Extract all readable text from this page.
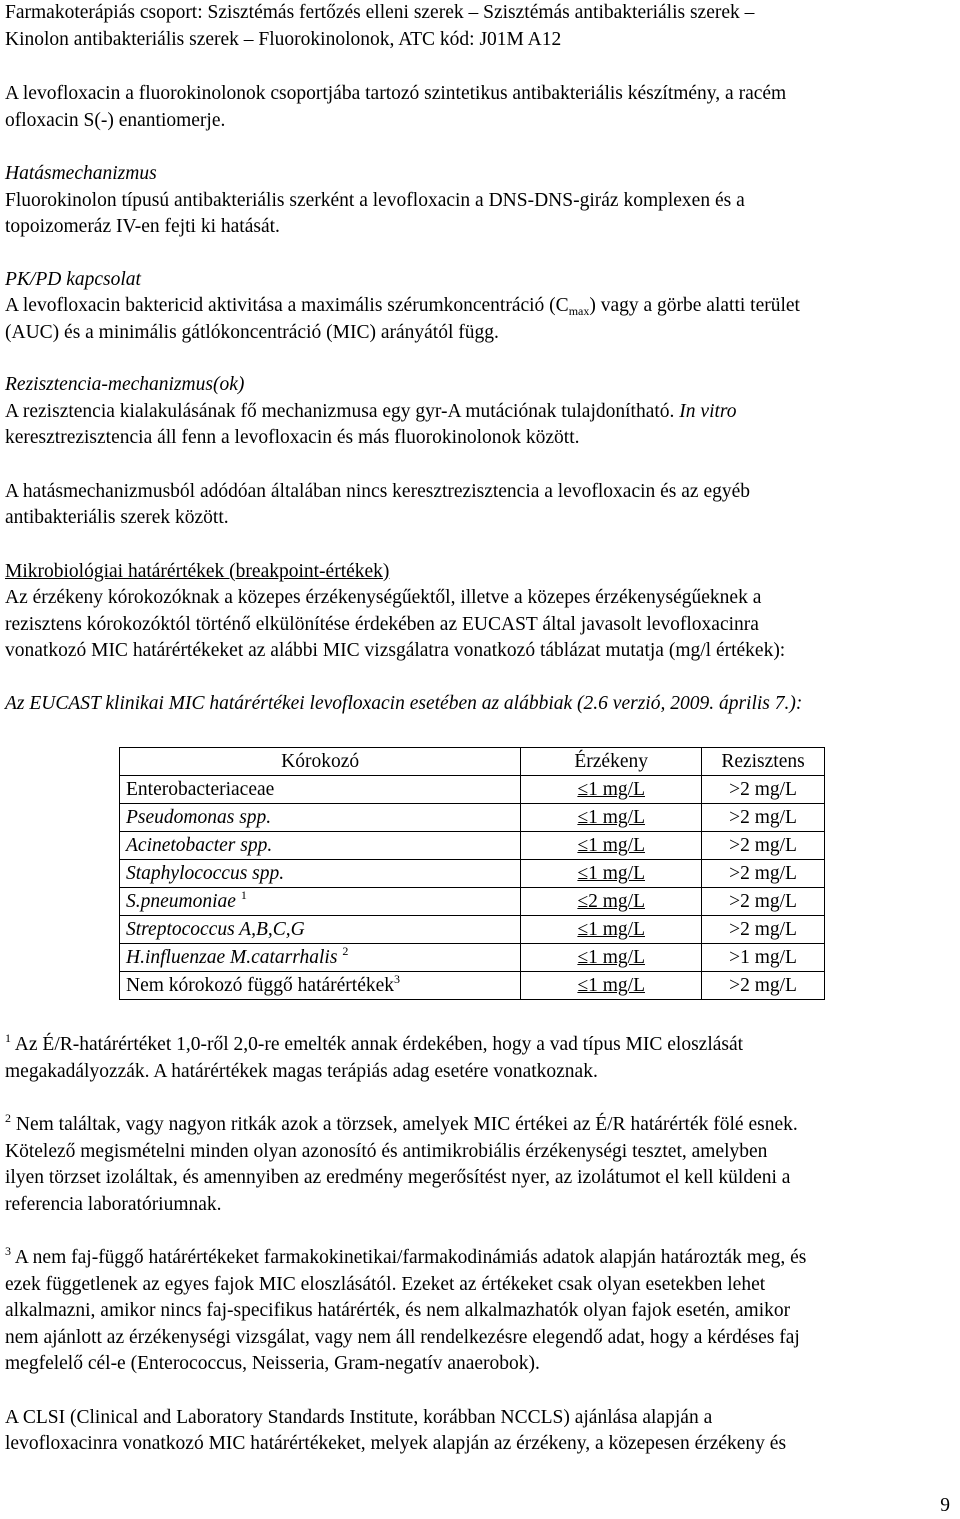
Farmakoterápiás csoport: Szisztémás fertőzés elleni szerek – Szisztémás antibakteriális szerek –

Kinolon antibakteriális szerek – Fluorokinolonok, ATC kód: J01M A12

A levofloxacin a fluorokinolonok csoportjába tartozó szintetikus antibakteriális készítmény, a racém

ofloxacin S(-) enantiomerje.

Hatásmechanizmus

Fluorokinolon típusú antibakteriális szerként a levofloxacin a DNS-DNS-giráz komplexen és a

topoizomeráz IV-en fejti ki hatását.

PK/PD kapcsolat

A levofloxacin baktericid aktivitása a maximális szérumkoncentráció $(C_{max})$ vagy a görbe alatti terület

(AUC) és a minimális gátlókoncentráció (MIC) arányától függ.

Rezisztencia-mechanizmus(ok)

A rezisztencia kialakulásának fő mechanizmusa egy gyr-A mutációnak tulajdonítható. In vitro

keresztrezisztencia áll fenn a levofloxacin és más fluorokinolonok között.

A hatásmechanizmusból adódóan általában nincs keresztrezisztencia a levofloxacin és az egyéb

antibakteriális szerek között.

Mikrobiológiai határértékek (breakpoint-értékek)

Az érzékeny kórokozóknak a közepes érzékenységűektől, illetve a közepes érzékenységűeknek a

rezisztens kórokozóktól történő elkülönítése érdekében az EUCAST által javasolt levofloxacinra

vonatkozó MIC határértékeket az alábbi MIC vizsgálatra vonatkozó táblázat mutatja (mg/l értékek):

Az EUCAST klinikai MIC határértékei levofloxacin esetében az alábbiak (2.6 verzió, 2009. április 7.):

Kórokozó	Érzékeny	Rezisztens
Enterobacteriaceae	≤1 mg/L	>2 mg/L
Pseudomonas spp.	≤1 mg/L	>2 mg/L
Acinetobacter spp.	≤1 mg/L	>2 mg/L
Staphylococcus spp.	≤1 mg/L	>2 mg/L
S.pneumoniae $^1$	≤2 mg/L	>2 mg/L
Streptococcus A,B,C,G	≤1 mg/L	>2 mg/L
H.influenzae M.catarrhalis $^2$	≤1 mg/L	>1 mg/L
Nem kórokozó függő határértékek$^3$	≤1 mg/L	>2 mg/L

$^1$ Az É/R-határértéket 1,0-ről 2,0-re emelték annak érdekében, hogy a vad típus MIC eloszlását

megakadályozzák. A határértékek magas terápiás adag esetére vonatkoznak.

$^2$ Nem találtak, vagy nagyon ritkák azok a törzsek, amelyek MIC értékei az É/R határérték fölé esnek.

Kötelező megismételni minden olyan azonosító és antimikrobiális érzékenységi tesztet, amelyben

ilyen törzset izoláltak, és amennyiben az eredmény megerősítést nyer, az izolátumot el kell küldeni a

referencia laboratóriumnak.

$^3$ A nem faj-függő határértékeket farmakokinetikai/farmakodinámiás adatok alapján határozták meg, és

ezek függetlenek az egyes fajok MIC eloszlásától. Ezeket az értékeket csak olyan esetekben lehet

alkalmazni, amikor nincs faj-specifikus határérték, és nem alkalmazhatók olyan fajok esetén, amikor

nem ajánlott az érzékenységi vizsgálat, vagy nem áll rendelkezésre elegendő adat, hogy a kérdéses faj

megfelelő cél-e (Enterococcus, Neisseria, Gram-negatív anaerobok).

A CLSI (Clinical and Laboratory Standards Institute, korábban NCCLS) ajánlása alapján a

levofloxacinra vonatkozó MIC határértékeket, melyek alapján az érzékeny, a közepesen érzékeny és

9
